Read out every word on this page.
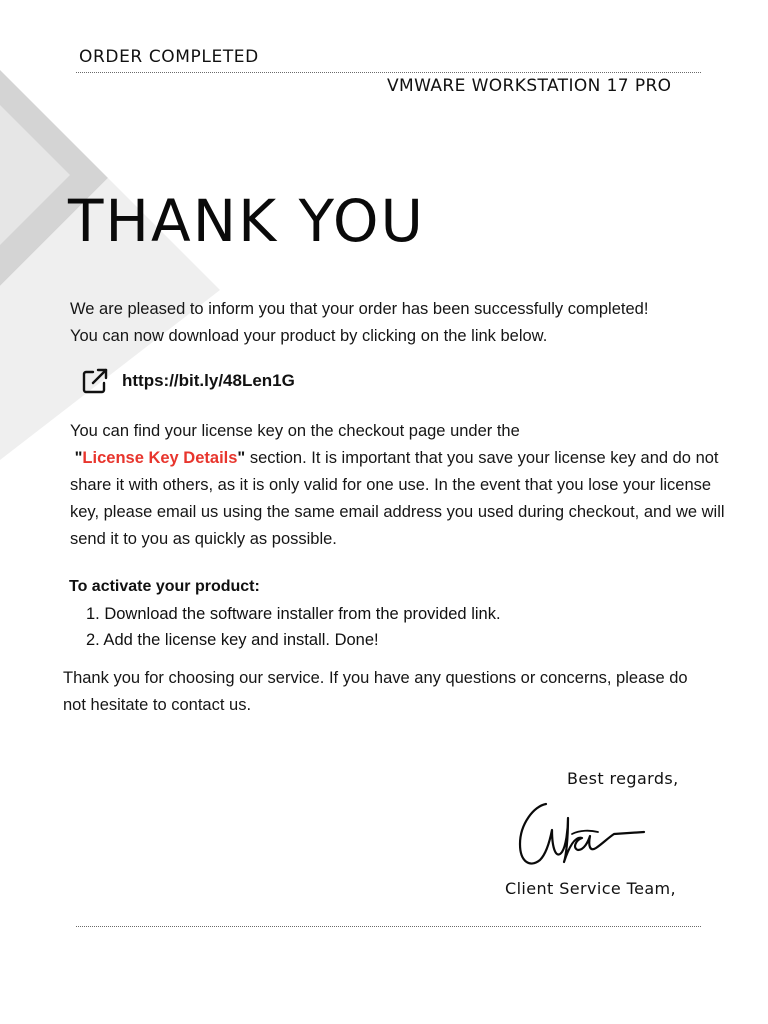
ORDER COMPLETED
VMWARE WORKSTATION 17 PRO
THANK YOU
We are pleased to inform you that your order has been successfully completed!
You can now download your product by clicking on the link below.
https://bit.ly/48Len1G
You can find your license key on the checkout page under the
"License Key Details" section. It is important that you save your license key and do not share it with others, as it is only valid for one use. In the event that you lose your license key, please email us using the same email address you used during checkout, and we will send it to you as quickly as possible.
To activate your product:
1. Download the software installer from the provided link.
2. Add the license key and install. Done!
Thank you for choosing our service. If you have any questions or concerns, please do not hesitate to contact us.
Best regards,
Client Service Team,
